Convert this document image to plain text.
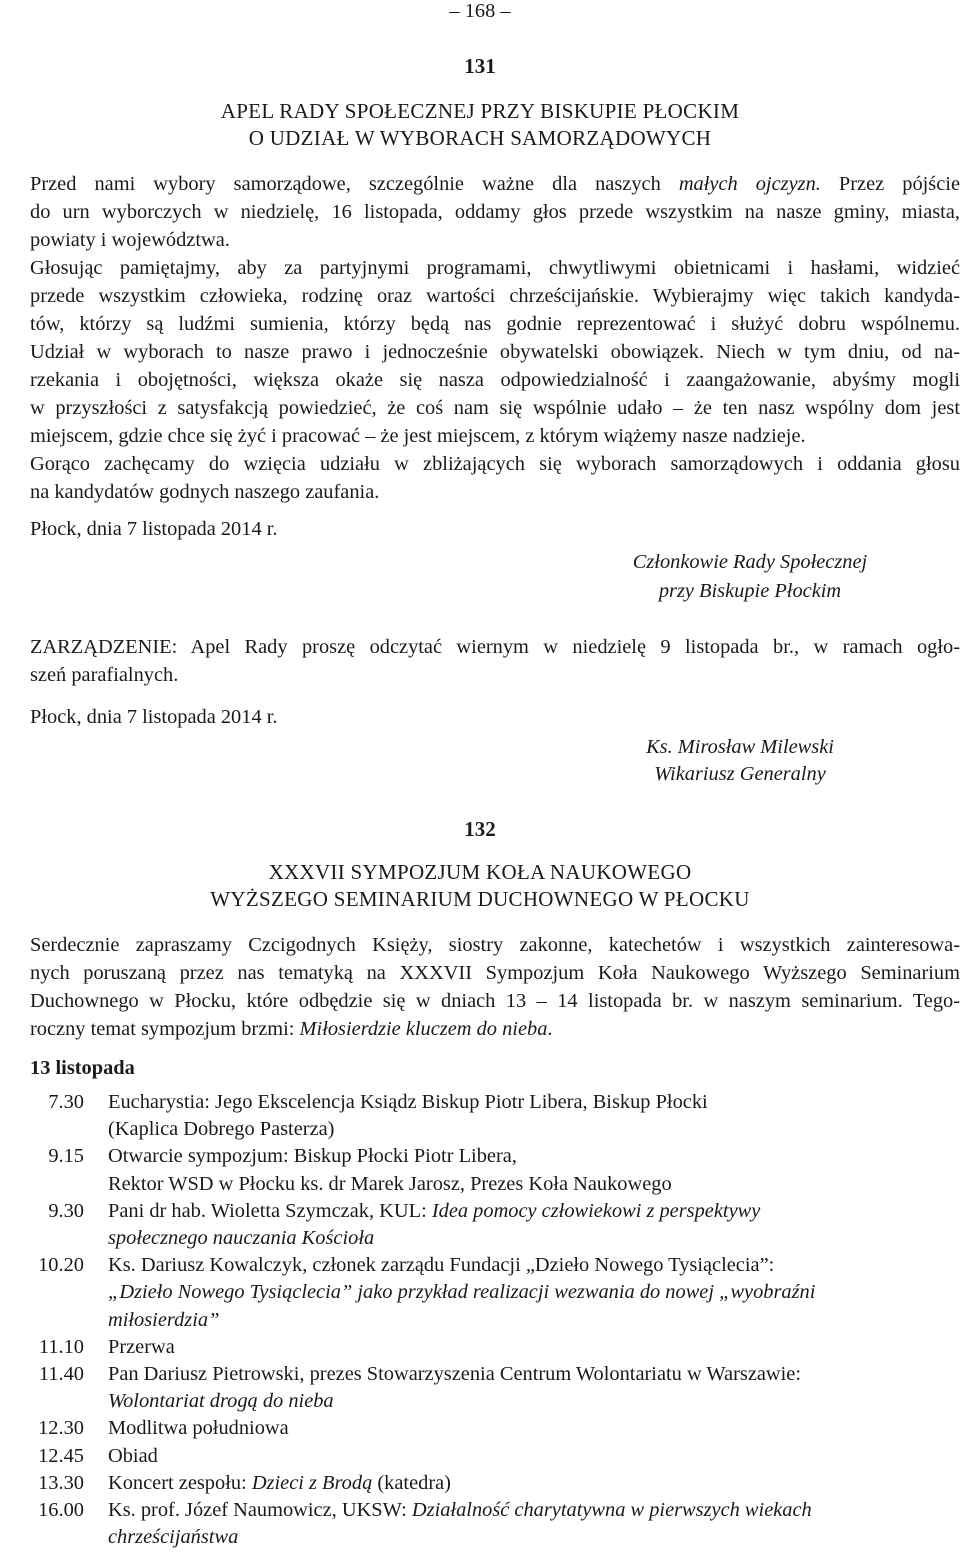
– 168 –
131
APEL RADY SPOŁECZNEJ PRZY BISKUPIE PŁOCKIM
O UDZIAŁ W WYBORACH SAMORZĄDOWYCH
Przed nami wybory samorządowe, szczególnie ważne dla naszych małych ojczyzn. Przez pójście
do urn wyborczych w niedzielę, 16 listopada, oddamy głos przede wszystkim na nasze gminy, miasta,
powiaty i województwa.
Głosując pamiętajmy, aby za partyjnymi programami, chwytliwymi obietnicami i hasłami, widzieć
przede wszystkim człowieka, rodzinę oraz wartości chrześcijańskie. Wybierajmy więc takich kandyda-
tów, którzy są ludźmi sumienia, którzy będą nas godnie reprezentować i służyć dobru wspólnemu.
Udział w wyborach to nasze prawo i jednocześnie obywatelski obowiązek. Niech w tym dniu, od na-
rzekania i obojętności, większa okaże się nasza odpowiedzialność i zaangażowanie, abyśmy mogli
w przyszłości z satysfakcją powiedzieć, że coś nam się wspólnie udało – że ten nasz wspólny dom jest
miejscem, gdzie chce się żyć i pracować – że jest miejscem, z którym wiążemy nasze nadzieje.
Gorąco zachęcamy do wzięcia udziału w zbliżających się wyborach samorządowych i oddania głosu
na kandydatów godnych naszego zaufania.
Płock, dnia 7 listopada 2014 r.
Członkowie Rady Społecznej
przy Biskupie Płockim
ZARZĄDZENIE: Apel Rady proszę odczytać wiernym w niedzielę 9 listopada br., w ramach ogło-
szeń parafialnych.
Płock, dnia 7 listopada 2014 r.
Ks. Mirosław Milewski
Wikariusz Generalny
132
XXXVII SYMPOZJUM KOŁA NAUKOWEGO
WYŻSZEGO SEMINARIUM DUCHOWNEGO W PŁOCKU
Serdecznie zapraszamy Czcigodnych Księży, siostry zakonne, katechetów i wszystkich zainteresowa-
nych poruszaną przez nas tematyką na XXXVII Sympozjum Koła Naukowego Wyższego Seminarium
Duchownego w Płocku, które odbędzie się w dniach 13 – 14 listopada br. w naszym seminarium. Tego-
roczny temat sympozjum brzmi: Miłosierdzie kluczem do nieba.
13 listopada
7.30 Eucharystia: Jego Ekscelencja Ksiądz Biskup Piotr Libera, Biskup Płocki
(Kaplica Dobrego Pasterza)
9.15 Otwarcie sympozjum: Biskup Płocki Piotr Libera,
Rektor WSD w Płocku ks. dr Marek Jarosz, Prezes Koła Naukowego
9.30 Pani dr hab. Wioletta Szymczak, KUL: Idea pomocy człowiekowi z perspektywy
społecznego nauczania Kościoła
10.20 Ks. Dariusz Kowalczyk, członek zarządu Fundacji „Dzieło Nowego Tysiąclecia”:
„Dzieło Nowego Tysiąclecia” jako przykład realizacji wezwania do nowej „wyobraźni
miłosierdzia”
11.10 Przerwa
11.40 Pan Dariusz Pietrowski, prezes Stowarzyszenia Centrum Wolontariatu w Warszawie:
Wolontariat drogą do nieba
12.30 Modlitwa południowa
12.45 Obiad
13.30 Koncert zespołu: Dzieci z Brodą (katedra)
16.00 Ks. prof. Józef Naumowicz, UKSW: Działalność charytatywna w pierwszych wiekach
chrześcijaństwa
